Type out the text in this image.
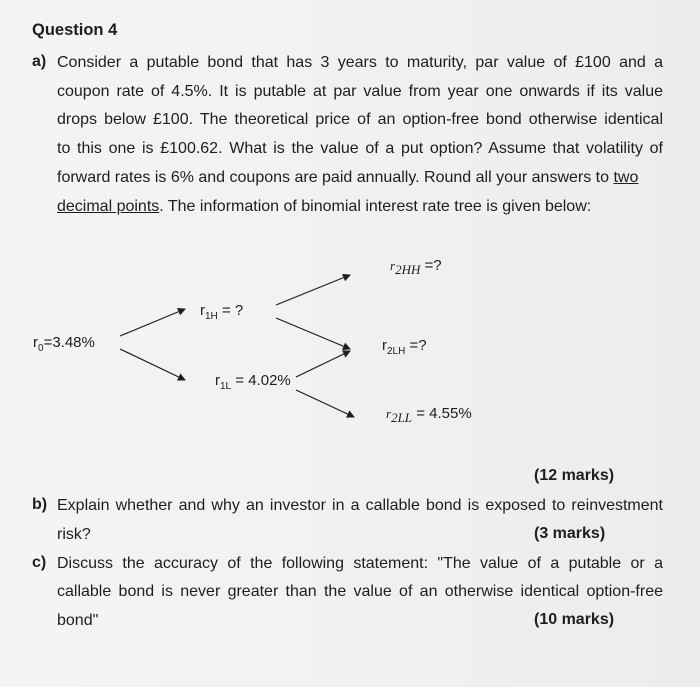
Question 4
a) Consider a putable bond that has 3 years to maturity, par value of £100 and a
coupon rate of 4.5%. It is putable at par value from year one onwards if its value
drops below £100. The theoretical price of an option-free bond otherwise identical
to this one is £100.62. What is the value of a put option? Assume that volatility of
forward rates is 6% and coupons are paid annually. Round all your answers to two
decimal points. The information of binomial interest rate tree is given below:
$r_0=3.48\%$
$r_{1H}$ = ?
$r_{1L} = 4.02\%$
r2HH =?
$r_{2LH}$ =?
r2LL = 4.55%
(12 marks)
b) Explain whether and why an investor in a callable bond is exposed to reinvestment
risk?	(3 marks)
c) Discuss the accuracy of the following statement: "The value of a putable or a
callable bond is never greater than the value of an otherwise identical option-free
bond"	(10 marks)
